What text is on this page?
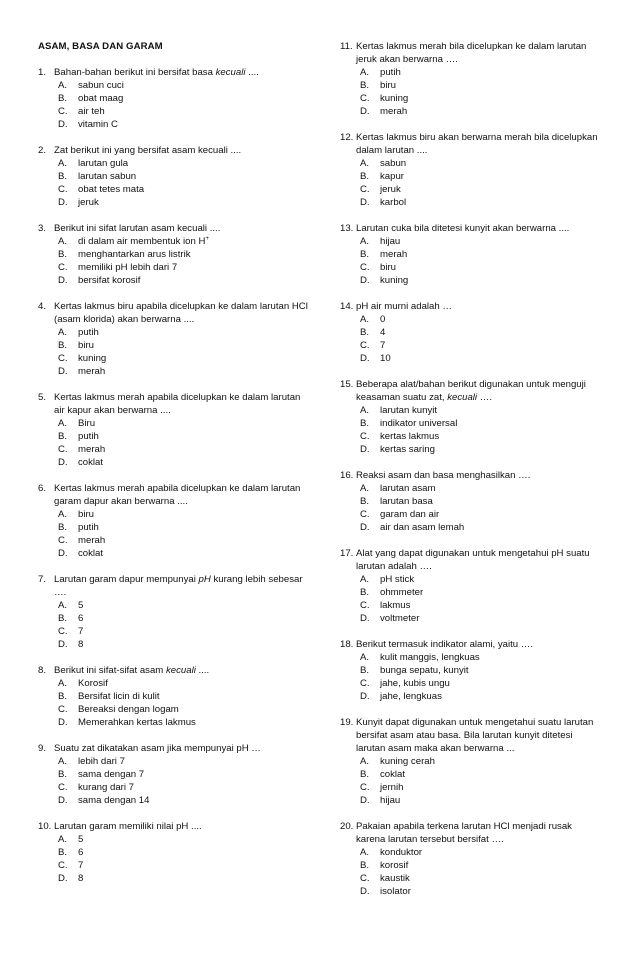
ASAM, BASA DAN GARAM
1. Bahan-bahan berikut ini bersifat basa kecuali ....
A.	sabun cuci
B.	obat maag
C.	air teh
D.	vitamin C
2. Zat berikut ini yang bersifat asam kecuali ....
A.	larutan gula
B.	larutan sabun
C.	obat tetes mata
D.	jeruk
3. Berikut ini sifat larutan asam kecuali ....
A.	di dalam air membentuk ion H+
B.	menghantarkan arus listrik
C.	memiliki pH lebih dari 7
D.	bersifat korosif
4. Kertas lakmus biru apabila dicelupkan ke dalam larutan HCl (asam klorida) akan berwarna ....
A.	putih
B.	biru
C.	kuning
D.	merah
5. Kertas lakmus merah apabila dicelupkan ke dalam larutan air kapur akan berwarna ....
A.	Biru
B.	putih
C.	merah
D.	coklat
6. Kertas lakmus merah apabila dicelupkan ke dalam larutan garam dapur akan berwarna ....
A.	biru
B.	putih
C.	merah
D.	coklat
7. Larutan garam dapur mempunyai pH kurang lebih sebesar ….
A.	5
B.	6
C.	7
D.	8
8. Berikut ini sifat-sifat asam kecuali ....
A.	Korosif
B.	Bersifat licin di kulit
C.	Bereaksi dengan logam
D.	Memerahkan kertas lakmus
9. Suatu zat dikatakan asam jika mempunyai pH …
A.	lebih dari 7
B.	sama dengan 7
C.	kurang dari 7
D.	sama dengan 14
10. Larutan garam memiliki nilai pH ....
A.	5
B.	6
C.	7
D.	8
11. Kertas lakmus merah bila dicelupkan ke dalam larutan jeruk akan berwarna ….
A.	putih
B.	biru
C.	kuning
D.	merah
12. Kertas lakmus biru akan berwarna merah bila dicelupkan dalam larutan ....
A.	sabun
B.	kapur
C.	jeruk
D.	karbol
13. Larutan cuka bila ditetesi kunyit akan berwarna ....
A.	hijau
B.	merah
C.	biru
D.	kuning
14. pH air murni adalah …
A.	0
B.	4
C.	7
D.	10
15. Beberapa alat/bahan berikut digunakan untuk menguji keasaman suatu zat, kecuali ….
A.	larutan kunyit
B.	indikator universal
C.	kertas lakmus
D.	kertas saring
16. Reaksi asam dan basa menghasilkan ….
A.	larutan asam
B.	larutan basa
C.	garam dan air
D.	air dan asam lemah
17. Alat yang dapat digunakan untuk mengetahui pH suatu larutan adalah ….
A.	pH stick
B.	ohmmeter
C.	lakmus
D.	voltmeter
18. Berikut termasuk indikator alami, yaitu ….
A.	kulit manggis, lengkuas
B.	bunga sepatu, kunyit
C.	jahe, kubis ungu
D.	jahe, lengkuas
19. Kunyit dapat digunakan untuk mengetahui suatu larutan bersifat asam atau basa. Bila larutan kunyit ditetesi larutan asam maka akan berwarna ...
A.	kuning cerah
B.	coklat
C.	jernih
D.	hijau
20. Pakaian apabila terkena larutan HCl menjadi rusak karena larutan tersebut bersifat ….
A.	konduktor
B.	korosif
C.	kaustik
D.	isolator
